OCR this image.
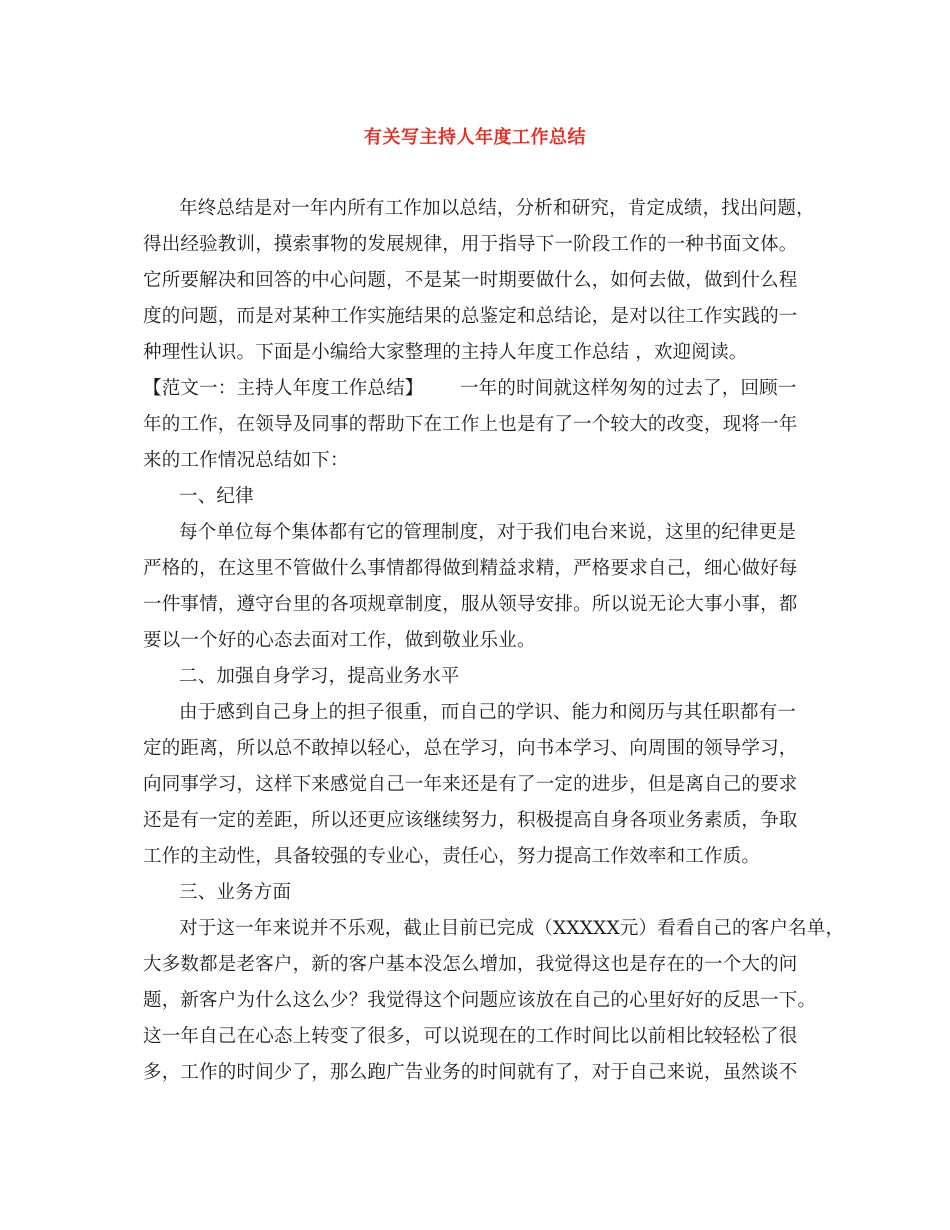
有关写主持人年度工作总结
年终总结是对一年内所有工作加以总结，分析和研究，肯定成绩，找出问题，
得出经验教训，摸索事物的发展规律，用于指导下一阶段工作的一种书面文体。
它所要解决和回答的中心问题，不是某一时期要做什么，如何去做，做到什么程
度的问题，而是对某种工作实施结果的总鉴定和总结论，是对以往工作实践的一
种理性认识。下面是小编给大家整理的主持人年度工作总结 ，欢迎阅读。
【范文一：主持人年度工作总结】      一年的时间就这样匆匆的过去了，回顾一
年的工作，在领导及同事的帮助下在工作上也是有了一个较大的改变，现将一年
来的工作情况总结如下：
一、纪律
每个单位每个集体都有它的管理制度，对于我们电台来说，这里的纪律更是
严格的，在这里不管做什么事情都得做到精益求精，严格要求自己，细心做好每
一件事情，遵守台里的各项规章制度，服从领导安排。所以说无论大事小事，都
要以一个好的心态去面对工作，做到敬业乐业。
二、加强自身学习，提高业务水平
由于感到自己身上的担子很重，而自己的学识、能力和阅历与其任职都有一
定的距离，所以总不敢掉以轻心，总在学习，向书本学习、向周围的领导学习，
向同事学习，这样下来感觉自己一年来还是有了一定的进步，但是离自己的要求
还是有一定的差距，所以还更应该继续努力，积极提高自身各项业务素质，争取
工作的主动性，具备较强的专业心，责任心，努力提高工作效率和工作质。
三、业务方面
对于这一年来说并不乐观，截止目前已完成（XXXXX元）看看自己的客户名单，
大多数都是老客户，新的客户基本没怎么增加，我觉得这也是存在的一个大的问
题，新客户为什么这么少？我觉得这个问题应该放在自己的心里好好的反思一下。
这一年自己在心态上转变了很多，可以说现在的工作时间比以前相比较轻松了很
多，工作的时间少了，那么跑广告业务的时间就有了，对于自己来说，虽然谈不
